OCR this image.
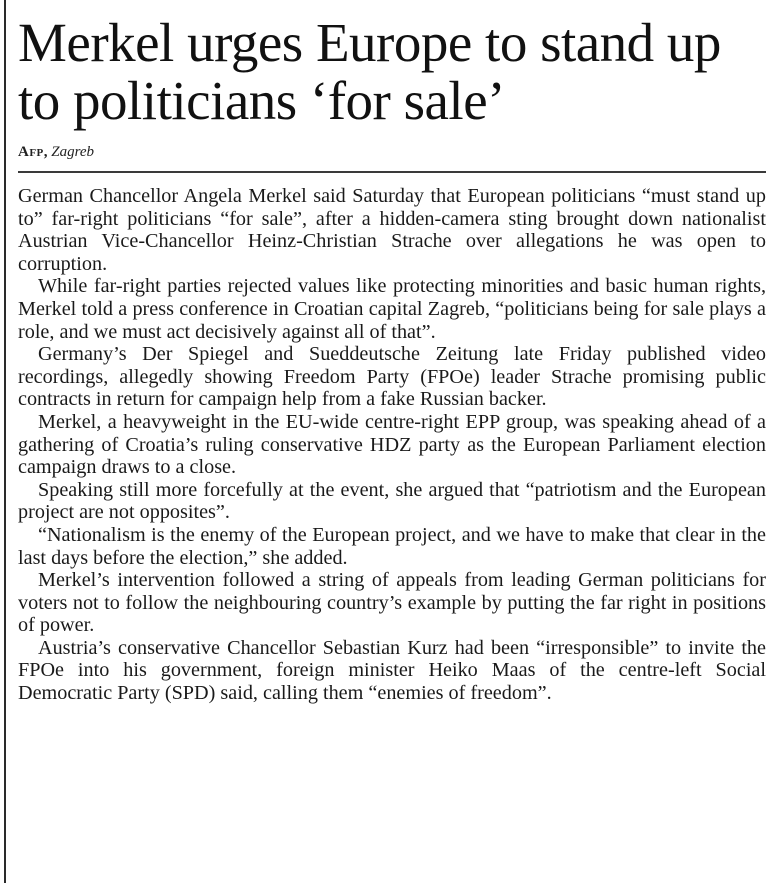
Merkel urges Europe to stand up to politicians ‘for sale’
Afp, Zagreb

German Chancellor Angela Merkel said Saturday that European politicians “must stand up to” far-right politicians “for sale”, after a hidden-camera sting brought down nationalist Austrian Vice-Chancellor Heinz-Christian Strache over allegations he was open to corruption.

While far-right parties rejected values like protecting minorities and basic human rights, Merkel told a press conference in Croatian capital Zagreb, “politicians being for sale plays a role, and we must act decisively against all of that”.

Germany’s Der Spiegel and Sueddeutsche Zeitung late Friday published video recordings, allegedly showing Freedom Party (FPOe) leader Strache promising public contracts in return for campaign help from a fake Russian backer.

Merkel, a heavyweight in the EU-wide centre-right EPP group, was speaking ahead of a gathering of Croatia’s ruling conservative HDZ party as the European Parliament election campaign draws to a close.

Speaking still more forcefully at the event, she argued that “patriotism and the European project are not opposites”.

“Nationalism is the enemy of the European project, and we have to make that clear in the last days before the election,” she added.

Merkel’s intervention followed a string of appeals from leading German politicians for voters not to follow the neighbouring country’s example by putting the far right in positions of power.

Austria’s conservative Chancellor Sebastian Kurz had been “irresponsible” to invite the FPOe into his government, foreign minister Heiko Maas of the centre-left Social Democratic Party (SPD) said, calling them “enemies of freedom”.
